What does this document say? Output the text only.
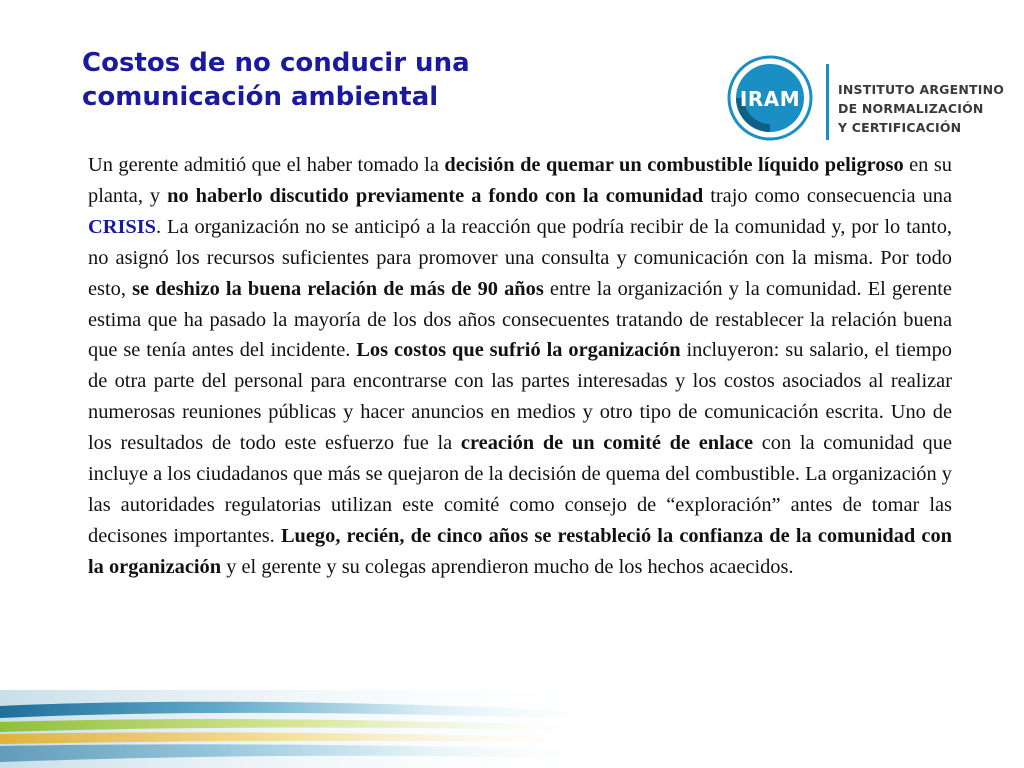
Costos de no conducir una
comunicación ambiental	IRAM	INSTITUTO ARGENTINO
DE NORMALIZACIÓN
Y CERTIFICACIÓN

Un gerente admitió que el haber tomado la decisión de quemar un combustible líquido peligroso en su planta, y no haberlo discutido previamente a fondo con la comunidad trajo como consecuencia una CRISIS. La organización no se anticipó a la reacción que podría recibir de la comunidad y, por lo tanto, no asignó los recursos suficientes para promover una consulta y comunicación con la misma. Por todo esto, se deshizo la buena relación de más de 90 años entre la organización y la comunidad. El gerente estima que ha pasado la mayoría de los dos años consecuentes tratando de restablecer la relación buena que se tenía antes del incidente. Los costos que sufrió la organización incluyeron: su salario, el tiempo de otra parte del personal para encontrarse con las partes interesadas y los costos asociados al realizar numerosas reuniones públicas y hacer anuncios en medios y otro tipo de comunicación escrita. Uno de los resultados de todo este esfuerzo fue la creación de un comité de enlace con la comunidad que incluye a los ciudadanos que más se quejaron de la decisión de quema del combustible. La organización y las autoridades regulatorias utilizan este comité como consejo de “exploración” antes de tomar las decisones importantes. Luego, recién, de cinco años se restableció la confianza de la comunidad con la organización y el gerente y su colegas aprendieron mucho de los hechos acaecidos.
